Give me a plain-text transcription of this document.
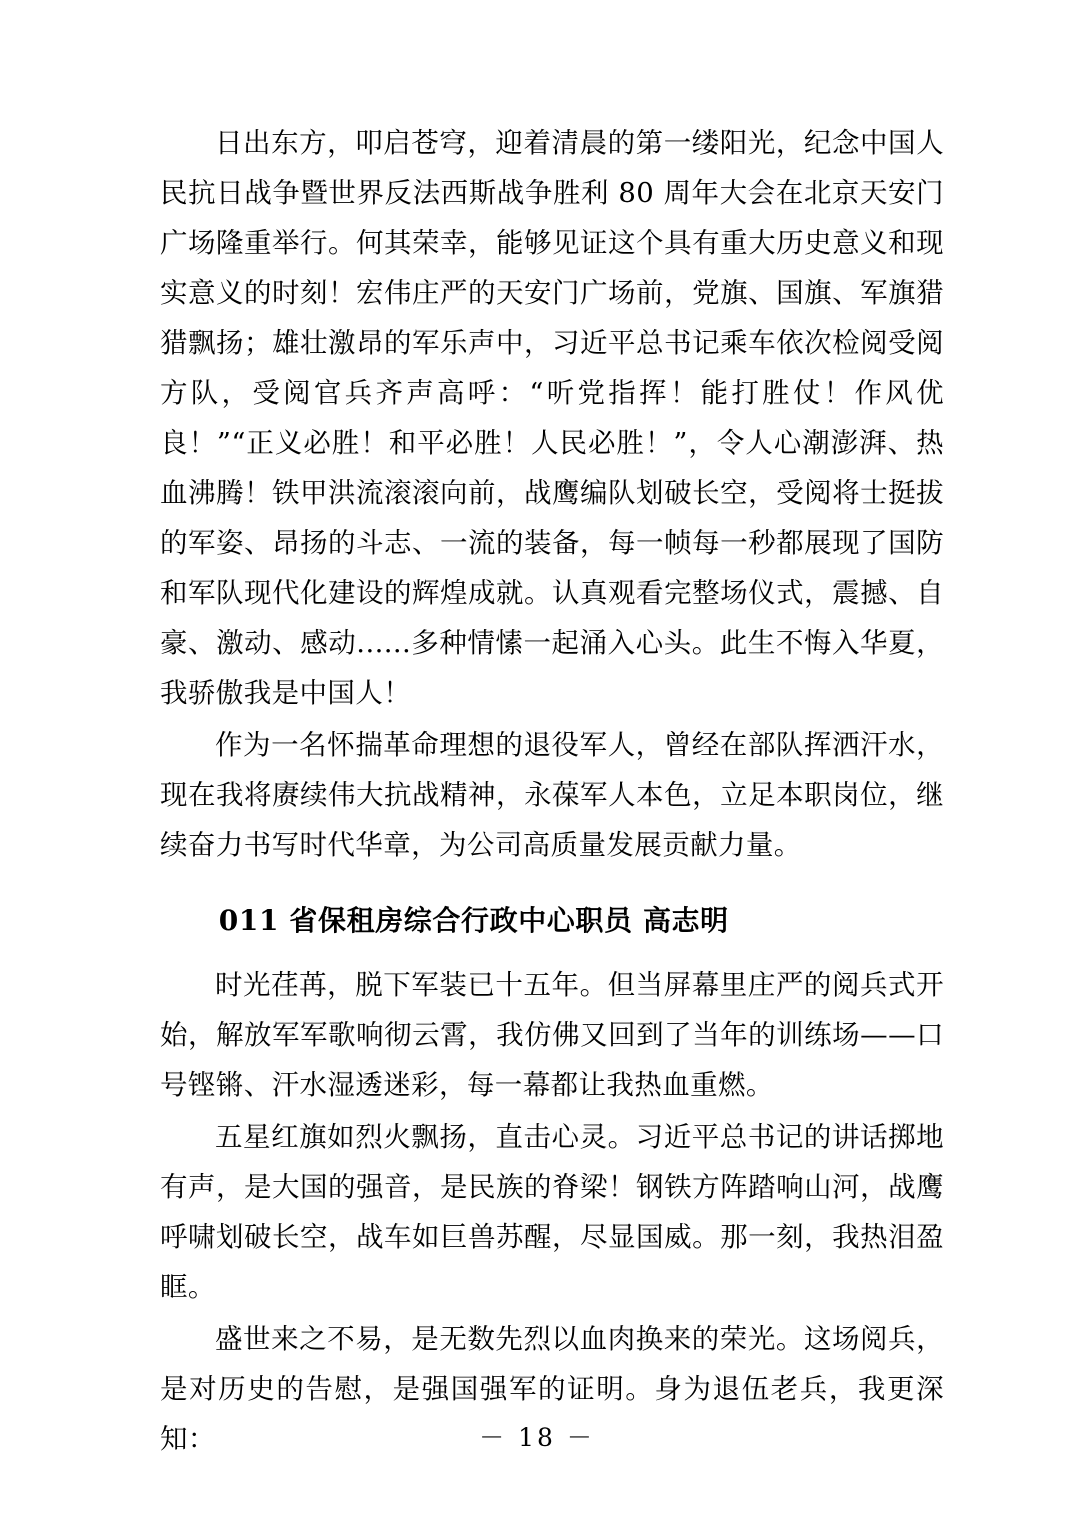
日出东方，叩启苍穹，迎着清晨的第一缕阳光，纪念中国人民抗日战争暨世界反法西斯战争胜利 80 周年大会在北京天安门广场隆重举行。何其荣幸，能够见证这个具有重大历史意义和现实意义的时刻！宏伟庄严的天安门广场前，党旗、国旗、军旗猎猎飘扬；雄壮激昂的军乐声中，习近平总书记乘车依次检阅受阅方队，受阅官兵齐声高呼：“听党指挥！能打胜仗！作风优良！”“正义必胜！和平必胜！人民必胜！”，令人心潮澎湃、热血沸腾！铁甲洪流滚滚向前，战鹰编队划破长空，受阅将士挺拔的军姿、昂扬的斗志、一流的装备，每一帧每一秒都展现了国防和军队现代化建设的辉煌成就。认真观看完整场仪式，震撼、自豪、激动、感动......多种情愫一起涌入心头。此生不悔入华夏，我骄傲我是中国人！

作为一名怀揣革命理想的退役军人，曾经在部队挥洒汗水，现在我将赓续伟大抗战精神，永葆军人本色，立足本职岗位，继续奋力书写时代华章，为公司高质量发展贡献力量。

011 省保租房综合行政中心职员 高志明

时光荏苒，脱下军装已十五年。但当屏幕里庄严的阅兵式开始，解放军军歌响彻云霄，我仿佛又回到了当年的训练场——口号铿锵、汗水湿透迷彩，每一幕都让我热血重燃。

五星红旗如烈火飘扬，直击心灵。习近平总书记的讲话掷地有声，是大国的强音，是民族的脊梁！钢铁方阵踏响山河，战鹰呼啸划破长空，战车如巨兽苏醒，尽显国威。那一刻，我热泪盈眶。

盛世来之不易，是无数先烈以血肉换来的荣光。这场阅兵，是对历史的告慰，是强国强军的证明。身为退伍老兵，我更深知：	－ 18 －
